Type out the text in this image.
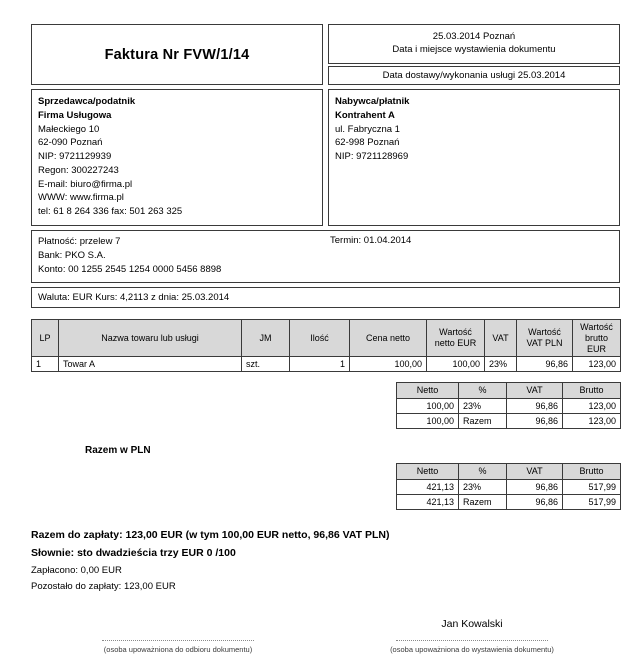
Faktura Nr FVW/1/14
25.03.2014 Poznań
Data i miejsce wystawienia dokumentu
Data dostawy/wykonania usługi 25.03.2014
Sprzedawca/podatnik
Firma Usługowa
Małeckiego 10
62-090 Poznań
NIP: 9721129939
Regon: 300227243
E-mail: biuro@firma.pl
WWW: www.firma.pl
tel: 61 8 264 336 fax: 501 263 325
Nabywca/płatnik
Kontrahent A
ul. Fabryczna 1
62-998 Poznań
NIP: 9721128969
Płatność: przelew 7
Bank: PKO S.A.
Konto: 00 1255 2545 1254 0000 5456 8898
Termin: 01.04.2014
Waluta: EUR Kurs: 4,2113 z dnia: 25.03.2014
LP	Nazwa towaru lub usługi	JM	Ilość	Cena netto	Wartość netto EUR	VAT	Wartość VAT PLN	Wartość brutto EUR
1	Towar A	szt.	1	100,00	100,00	23%	96,86	123,00
Netto	%	VAT	Brutto
100,00	23%	96,86	123,00
100,00	Razem	96,86	123,00
Razem w PLN
Netto	%	VAT	Brutto
421,13	23%	96,86	517,99
421,13	Razem	96,86	517,99
Razem do zapłaty: 123,00 EUR (w tym 100,00 EUR netto, 96,86 VAT PLN)
Słownie: sto dwadzieścia trzy EUR 0 /100
Zapłacono: 0,00 EUR
Pozostało do zapłaty: 123,00 EUR
(osoba upoważniona do odbioru dokumentu)
Jan Kowalski
(osoba upoważniona do wystawienia dokumentu)
